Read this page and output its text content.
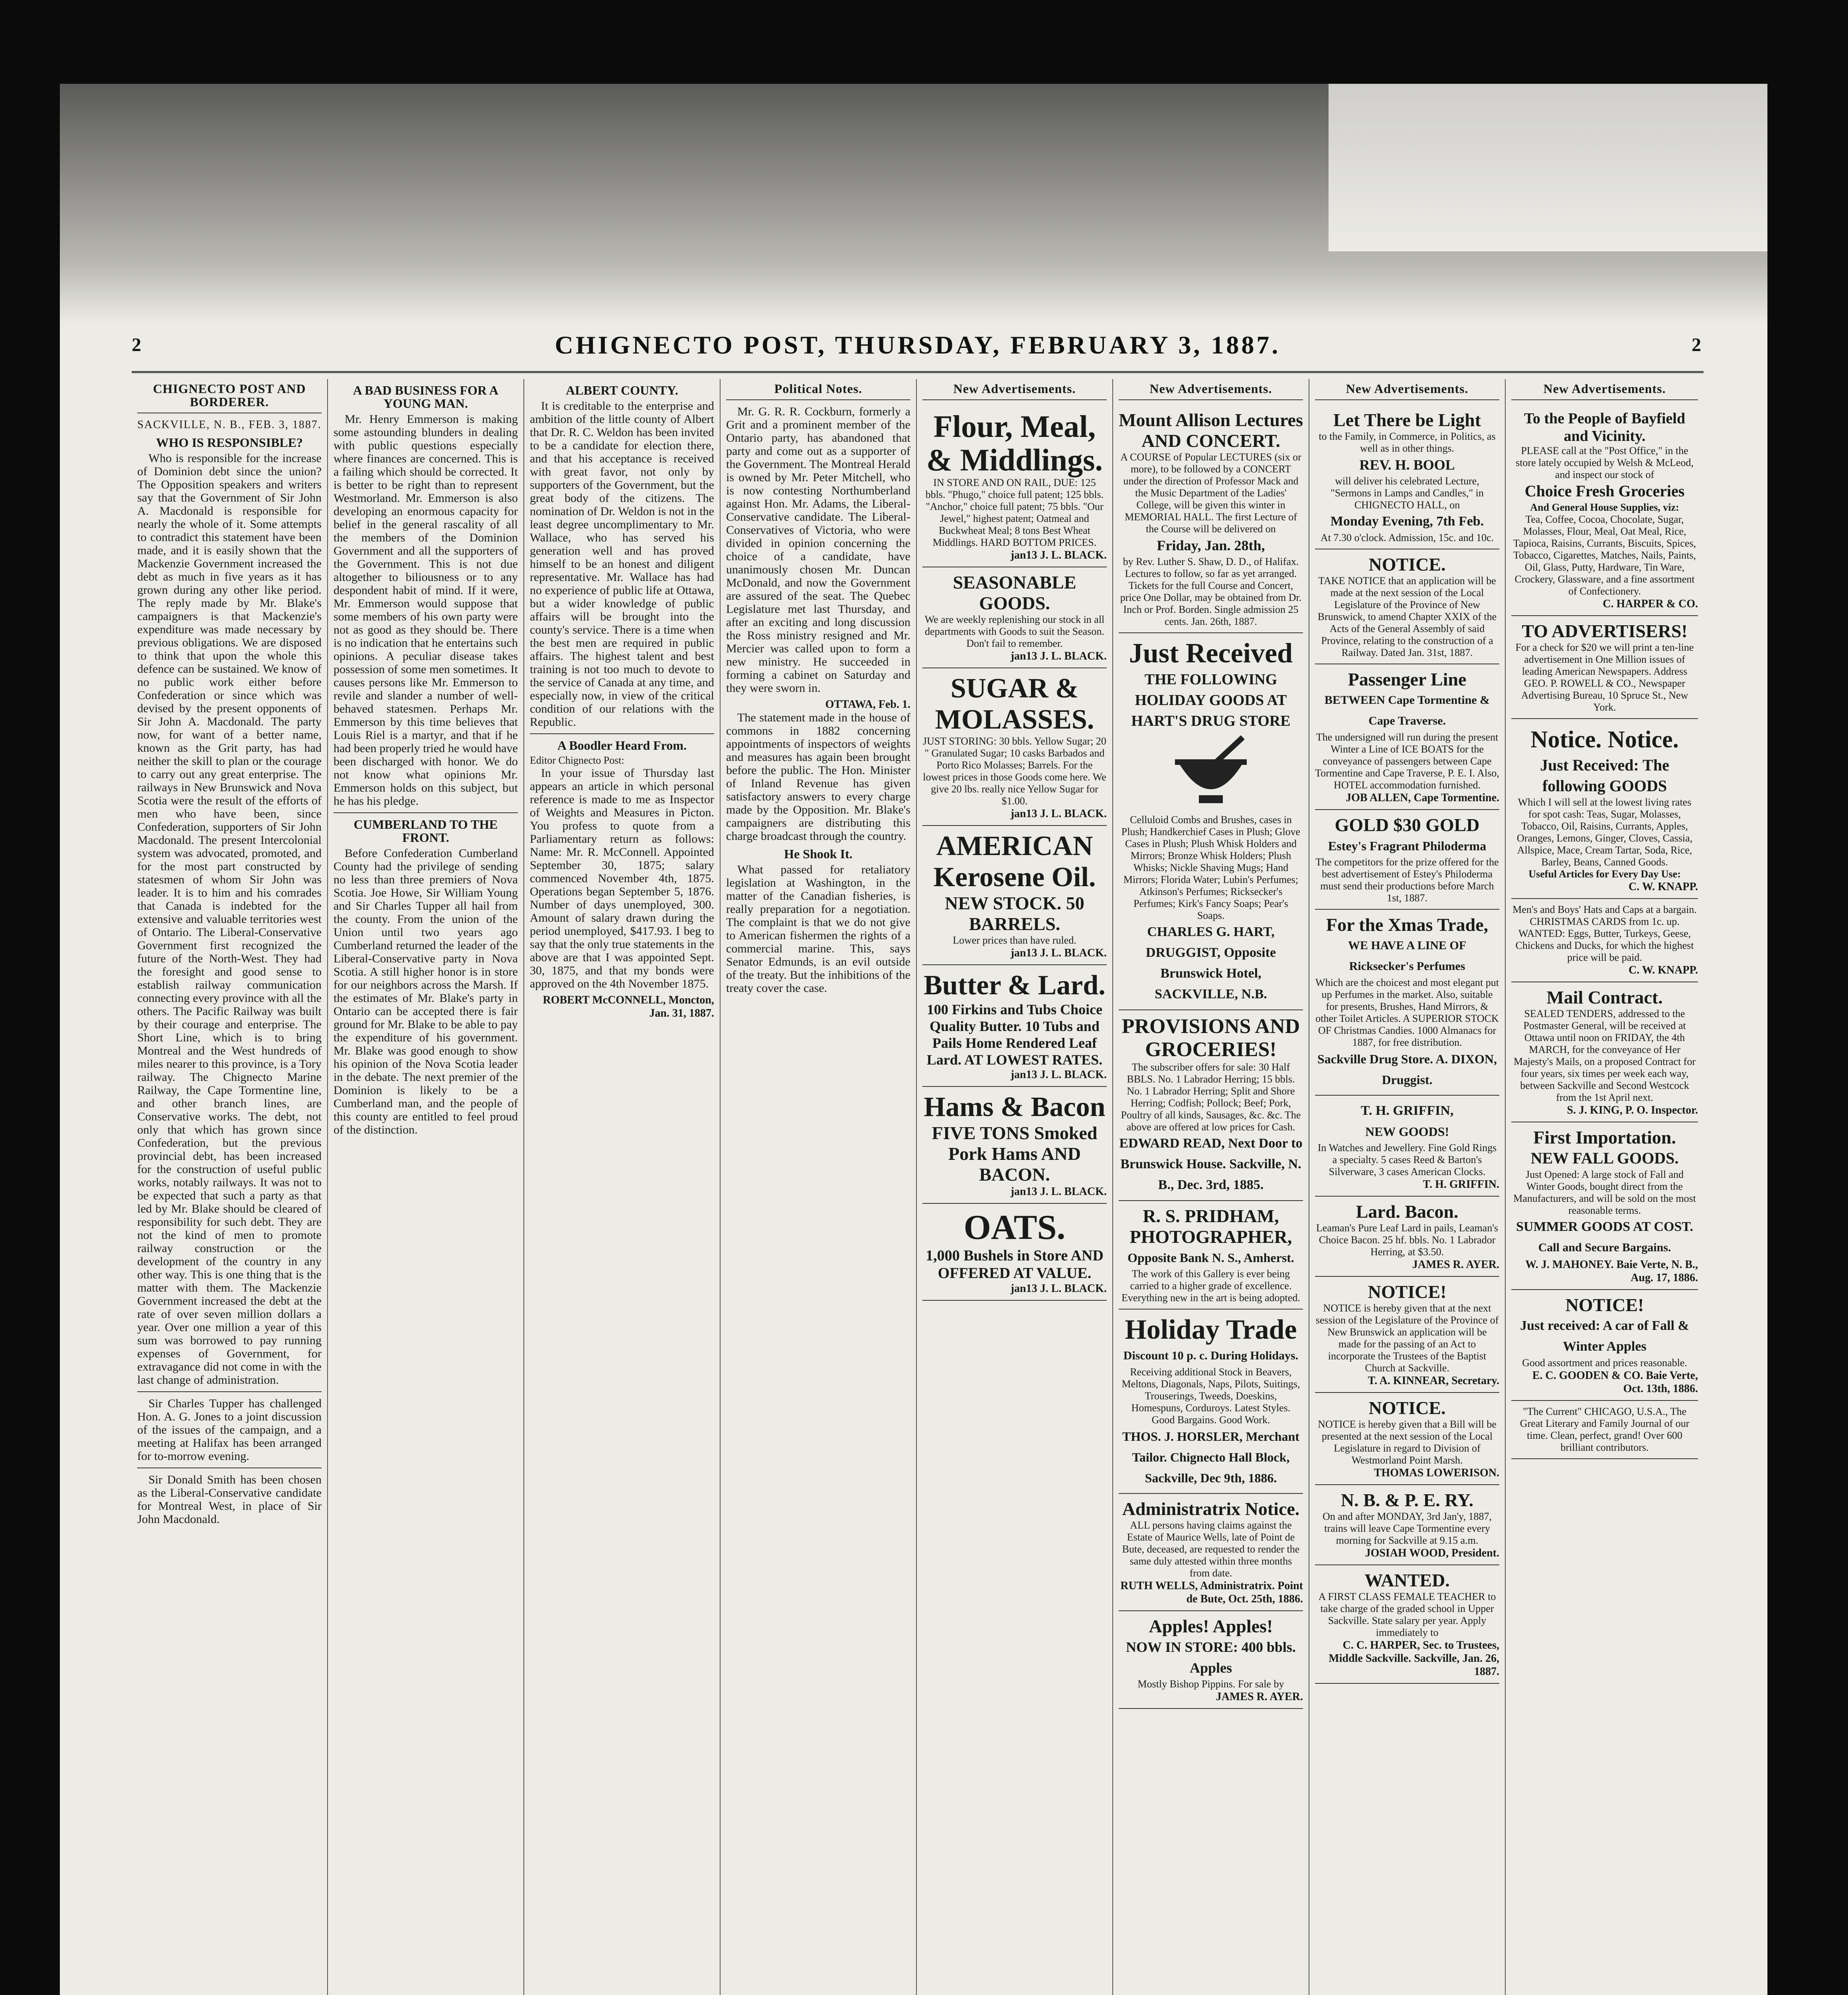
2	CHIGNECTO POST, THURSDAY, FEBRUARY 3, 1887.	2
CHIGNECTO POST AND BORDERER.
SACKVILLE, N. B., FEB. 3, 1887.
WHO IS RESPONSIBLE?

Who is responsible for the increase of Dominion debt since the union? The Opposition speakers and writers say that the Government of Sir John A. Macdonald is responsible for nearly the whole of it. Some attempts to contradict this statement have been made, and it is easily shown that the Mackenzie Government increased the debt as much in five years as it has grown during any other like period. The reply made by Mr. Blake's campaigners is that Mackenzie's expenditure was made necessary by previous obligations. We are disposed to think that upon the whole this defence can be sustained. We know of no public work either before Confederation or since which was devised by the present opponents of Sir John A. Macdonald. The party now, for want of a better name, known as the Grit party, has had neither the skill to plan or the courage to carry out any great enterprise. The railways in New Brunswick and Nova Scotia were the result of the efforts of men who have been, since Confederation, supporters of Sir John Macdonald. The present Intercolonial system was advocated, promoted, and for the most part constructed by statesmen of whom Sir John was leader. It is to him and his comrades that Canada is indebted for the extensive and valuable territories west of Ontario. The Liberal-Conservative Government first recognized the future of the North-West. They had the foresight and good sense to establish railway communication connecting every province with all the others. The Pacific Railway was built by their courage and enterprise. The Short Line, which is to bring Montreal and the West hundreds of miles nearer to this province, is a Tory railway. The Chignecto Marine Railway, the Cape Tormentine line, and other branch lines, are Conservative works. The debt, not only that which has grown since Confederation, but the previous provincial debt, has been increased for the construction of useful public works, notably railways. It was not to be expected that such a party as that led by Mr. Blake should be cleared of responsibility for such debt. They are not the kind of men to promote railway construction or the development of the country in any other way. This is one thing that is the matter with them. The Mackenzie Government increased the debt at the rate of over seven million dollars a year. Over one million a year of this sum was borrowed to pay running expenses of Government, for extravagance did not come in with the last change of administration.

Sir Charles Tupper has challenged Hon. A. G. Jones to a joint discussion of the issues of the campaign, and a meeting at Halifax has been arranged for to-morrow evening.

Sir Donald Smith has been chosen as the Liberal-Conservative candidate for Montreal West, in place of Sir John Macdonald.

A BAD BUSINESS FOR A YOUNG MAN.

Mr. Henry Emmerson is making some astounding blunders in dealing with public questions especially where finances are concerned. This is a failing which should be corrected. It is better to be right than to represent Westmorland. Mr. Emmerson is also developing an enormous capacity for belief in the general rascality of all the members of the Dominion Government and all the supporters of the Government. This is not due altogether to biliousness or to any despondent habit of mind. If it were, Mr. Emmerson would suppose that some members of his own party were not as good as they should be. There is no indication that he entertains such opinions. A peculiar disease takes possession of some men sometimes. It causes persons like Mr. Emmerson to revile and slander a number of well-behaved statesmen. Perhaps Mr. Emmerson by this time believes that Louis Riel is a martyr, and that if he had been properly tried he would have been discharged with honor. We do not know what opinions Mr. Emmerson holds on this subject, but he has his pledge.

CUMBERLAND TO THE FRONT.

Before Confederation Cumberland County had the privilege of sending no less than three premiers of Nova Scotia. Joe Howe, Sir William Young and Sir Charles Tupper all hail from the county. From the union of the Union until two years ago Cumberland returned the leader of the Liberal-Conservative party in Nova Scotia. A still higher honor is in store for our neighbors across the Marsh. If the estimates of Mr. Blake's party in Ontario can be accepted there is fair ground for Mr. Blake to be able to pay the expenditure of his government. Mr. Blake was good enough to show his opinion of the Nova Scotia leader in the debate. The next premier of the Dominion is likely to be a Cumberland man, and the people of this county are entitled to feel proud of the distinction.

ALBERT COUNTY.

It is creditable to the enterprise and ambition of the little county of Albert that Dr. R. C. Weldon has been invited to be a candidate for election there, and that his acceptance is received with great favor, not only by supporters of the Government, but the great body of the citizens. The nomination of Dr. Weldon is not in the least degree uncomplimentary to Mr. Wallace, who has served his generation well and has proved himself to be an honest and diligent representative. Mr. Wallace has had no experience of public life at Ottawa, but a wider knowledge of public affairs will be brought into the county's service. There is a time when the best men are required in public affairs. The highest talent and best training is not too much to devote to the service of Canada at any time, and especially now, in view of the critical condition of our relations with the Republic.

A Boodler Heard From.
Editor Chignecto Post:

In your issue of Thursday last appears an article in which personal reference is made to me as Inspector of Weights and Measures in Picton. You profess to quote from a Parliamentary return as follows: Name: Mr. R. McConnell. Appointed September 30, 1875; salary commenced November 4th, 1875. Operations began September 5, 1876. Number of days unemployed, 300. Amount of salary drawn during the period unemployed, $417.93. I beg to say that the only true statements in the above are that I was appointed Sept. 30, 1875, and that my bonds were approved on the 4th November 1875.

ROBERT McCONNELL, Moncton, Jan. 31, 1887.
Political Notes.

Mr. G. R. R. Cockburn, formerly a Grit and a prominent member of the Ontario party, has abandoned that party and come out as a supporter of the Government. The Montreal Herald is owned by Mr. Peter Mitchell, who is now contesting Northumberland against Hon. Mr. Adams, the Liberal-Conservative candidate. The Liberal-Conservatives of Victoria, who were divided in opinion concerning the choice of a candidate, have unanimously chosen Mr. Duncan McDonald, and now the Government are assured of the seat. The Quebec Legislature met last Thursday, and after an exciting and long discussion the Ross ministry resigned and Mr. Mercier was called upon to form a new ministry. He succeeded in forming a cabinet on Saturday and they were sworn in.

OTTAWA, Feb. 1.

The statement made in the house of commons in 1882 concerning appointments of inspectors of weights and measures has again been brought before the public. The Hon. Minister of Inland Revenue has given satisfactory answers to every charge made by the Opposition. Mr. Blake's campaigners are distributing this charge broadcast through the country.

He Shook It.

What passed for retaliatory legislation at Washington, in the matter of the Canadian fisheries, is really preparation for a negotiation. The complaint is that we do not give to American fishermen the rights of a commercial marine. This, says Senator Edmunds, is an evil outside of the treaty. But the inhibitions of the treaty cover the case.

New Advertisements.
Flour, Meal, & Middlings.
IN STORE AND ON RAIL, DUE: 125 bbls. "Phugo," choice full patent; 125 bbls. "Anchor," choice full patent; 75 bbls. "Our Jewel," highest patent; Oatmeal and Buckwheat Meal; 8 tons Best Wheat Middlings. HARD BOTTOM PRICES.
jan13 J. L. BLACK.
SEASONABLE GOODS.
We are weekly replenishing our stock in all departments with Goods to suit the Season. Don't fail to remember.
jan13 J. L. BLACK.
SUGAR & MOLASSES.
JUST STORING: 30 bbls. Yellow Sugar; 20 " Granulated Sugar; 10 casks Barbados and Porto Rico Molasses; Barrels. For the lowest prices in those Goods come here. We give 20 lbs. really nice Yellow Sugar for $1.00.
jan13 J. L. BLACK.
AMERICAN Kerosene Oil.
NEW STOCK. 50 BARRELS.
Lower prices than have ruled.
jan13 J. L. BLACK.
Butter & Lard.
100 Firkins and Tubs Choice Quality Butter. 10 Tubs and Pails Home Rendered Leaf Lard. AT LOWEST RATES.
jan13 J. L. BLACK.
Hams & Bacon
FIVE TONS Smoked Pork Hams AND BACON.
jan13 J. L. BLACK.
OATS.
1,000 Bushels in Store AND OFFERED AT VALUE.
jan13 J. L. BLACK.
New Advertisements.
Mount Allison Lectures AND CONCERT.
A COURSE of Popular LECTURES (six or more), to be followed by a CONCERT under the direction of Professor Mack and the Music Department of the Ladies' College, will be given this winter in MEMORIAL HALL. The first Lecture of the Course will be delivered on
Friday, Jan. 28th,
by Rev. Luther S. Shaw, D. D., of Halifax. Lectures to follow, so far as yet arranged. Tickets for the full Course and Concert, price One Dollar, may be obtained from Dr. Inch or Prof. Borden. Single admission 25 cents. Jan. 26th, 1887.
Just Received
THE FOLLOWING HOLIDAY GOODS AT HART'S DRUG STORE
Celluloid Combs and Brushes, cases in Plush; Handkerchief Cases in Plush; Glove Cases in Plush; Plush Whisk Holders and Mirrors; Bronze Whisk Holders; Plush Whisks; Nickle Shaving Mugs; Hand Mirrors; Florida Water; Lubin's Perfumes; Atkinson's Perfumes; Ricksecker's Perfumes; Kirk's Fancy Soaps; Pear's Soaps.
CHARLES G. HART, DRUGGIST, Opposite Brunswick Hotel, SACKVILLE, N.B.
PROVISIONS AND GROCERIES!
The subscriber offers for sale: 30 Half BBLS. No. 1 Labrador Herring; 15 bbls. No. 1 Labrador Herring; Split and Shore Herring; Codfish; Pollock; Beef; Pork, Poultry of all kinds, Sausages, &c. &c. The above are offered at low prices for Cash.
EDWARD READ, Next Door to Brunswick House. Sackville, N. B., Dec. 3rd, 1885.
R. S. PRIDHAM, PHOTOGRAPHER,
Opposite Bank N. S., Amherst.
The work of this Gallery is ever being carried to a higher grade of excellence. Everything new in the art is being adopted.
Holiday Trade
Discount 10 p. c. During Holidays.
Receiving additional Stock in Beavers, Meltons, Diagonals, Naps, Pilots, Suitings, Trouserings, Tweeds, Doeskins, Homespuns, Corduroys. Latest Styles. Good Bargains. Good Work.
THOS. J. HORSLER, Merchant Tailor. Chignecto Hall Block, Sackville, Dec 9th, 1886.
Administratrix Notice.
ALL persons having claims against the Estate of Maurice Wells, late of Point de Bute, deceased, are requested to render the same duly attested within three months from date.
RUTH WELLS, Administratrix. Point de Bute, Oct. 25th, 1886.
Apples! Apples!
NOW IN STORE: 400 bbls. Apples
Mostly Bishop Pippins. For sale by
JAMES R. AYER.
New Advertisements.
Let There be Light
to the Family, in Commerce, in Politics, as well as in other things.
REV. H. BOOL
will deliver his celebrated Lecture, "Sermons in Lamps and Candles," in CHIGNECTO HALL, on
Monday Evening, 7th Feb.
At 7.30 o'clock. Admission, 15c. and 10c.
NOTICE.
TAKE NOTICE that an application will be made at the next session of the Local Legislature of the Province of New Brunswick, to amend Chapter XXIX of the Acts of the General Assembly of said Province, relating to the construction of a Railway. Dated Jan. 31st, 1887.
Passenger Line
BETWEEN Cape Tormentine & Cape Traverse.
The undersigned will run during the present Winter a Line of ICE BOATS for the conveyance of passengers between Cape Tormentine and Cape Traverse, P. E. I. Also, HOTEL accommodation furnished.
JOB ALLEN, Cape Tormentine.
GOLD $30 GOLD
Estey's Fragrant Philoderma
The competitors for the prize offered for the best advertisement of Estey's Philoderma must send their productions before March 1st, 1887.
For the Xmas Trade,
WE HAVE A LINE OF Ricksecker's Perfumes
Which are the choicest and most elegant put up Perfumes in the market. Also, suitable for presents, Brushes, Hand Mirrors, & other Toilet Articles. A SUPERIOR STOCK OF Christmas Candies. 1000 Almanacs for 1887, for free distribution.
Sackville Drug Store. A. DIXON, Druggist.
T. H. GRIFFIN,
NEW GOODS!
In Watches and Jewellery. Fine Gold Rings a specialty. 5 cases Reed & Barton's Silverware, 3 cases American Clocks.
T. H. GRIFFIN.
Lard. Bacon.
Leaman's Pure Leaf Lard in pails, Leaman's Choice Bacon. 25 hf. bbls. No. 1 Labrador Herring, at $3.50.
JAMES R. AYER.
NOTICE!
NOTICE is hereby given that at the next session of the Legislature of the Province of New Brunswick an application will be made for the passing of an Act to incorporate the Trustees of the Baptist Church at Sackville.
T. A. KINNEAR, Secretary.
NOTICE.
NOTICE is hereby given that a Bill will be presented at the next session of the Local Legislature in regard to Division of Westmorland Point Marsh.
THOMAS LOWERISON.
N. B. & P. E. RY.
On and after MONDAY, 3rd Jan'y, 1887, trains will leave Cape Tormentine every morning for Sackville at 9.15 a.m.
JOSIAH WOOD, President.
WANTED.
A FIRST CLASS FEMALE TEACHER to take charge of the graded school in Upper Sackville. State salary per year. Apply immediately to
C. C. HARPER, Sec. to Trustees, Middle Sackville. Sackville, Jan. 26, 1887.
New Advertisements.
To the People of Bayfield and Vicinity.
PLEASE call at the "Post Office," in the store lately occupied by Welsh & McLeod, and inspect our stock of
Choice Fresh Groceries
And General House Supplies, viz:
Tea, Coffee, Cocoa, Chocolate, Sugar, Molasses, Flour, Meal, Oat Meal, Rice, Tapioca, Raisins, Currants, Biscuits, Spices, Tobacco, Cigarettes, Matches, Nails, Paints, Oil, Glass, Putty, Hardware, Tin Ware, Crockery, Glassware, and a fine assortment of Confectionery.
C. HARPER & CO.
TO ADVERTISERS!
For a check for $20 we will print a ten-line advertisement in One Million issues of leading American Newspapers. Address GEO. P. ROWELL & CO., Newspaper Advertising Bureau, 10 Spruce St., New York.
Notice. Notice.
Just Received: The following GOODS
Which I will sell at the lowest living rates for spot cash: Teas, Sugar, Molasses, Tobacco, Oil, Raisins, Currants, Apples, Oranges, Lemons, Ginger, Cloves, Cassia, Allspice, Mace, Cream Tartar, Soda, Rice, Barley, Beans, Canned Goods.
Useful Articles for Every Day Use:
C. W. KNAPP.
Men's and Boys' Hats and Caps at a bargain. CHRISTMAS CARDS from 1c. up.
WANTED: Eggs, Butter, Turkeys, Geese, Chickens and Ducks, for which the highest price will be paid.
C. W. KNAPP.
Mail Contract.
SEALED TENDERS, addressed to the Postmaster General, will be received at Ottawa until noon on FRIDAY, the 4th MARCH, for the conveyance of Her Majesty's Mails, on a proposed Contract for four years, six times per week each way, between Sackville and Second Westcock from the 1st April next.
S. J. KING, P. O. Inspector.
First Importation.
NEW FALL GOODS.
Just Opened: A large stock of Fall and Winter Goods, bought direct from the Manufacturers, and will be sold on the most reasonable terms.
SUMMER GOODS AT COST.
Call and Secure Bargains.
W. J. MAHONEY. Baie Verte, N. B., Aug. 17, 1886.
NOTICE!
Just received: A car of Fall & Winter Apples
Good assortment and prices reasonable.
E. C. GOODEN & CO. Baie Verte, Oct. 13th, 1886.
"The Current" CHICAGO, U.S.A., The Great Literary and Family Journal of our time. Clean, perfect, grand! Over 600 brilliant contributors.
